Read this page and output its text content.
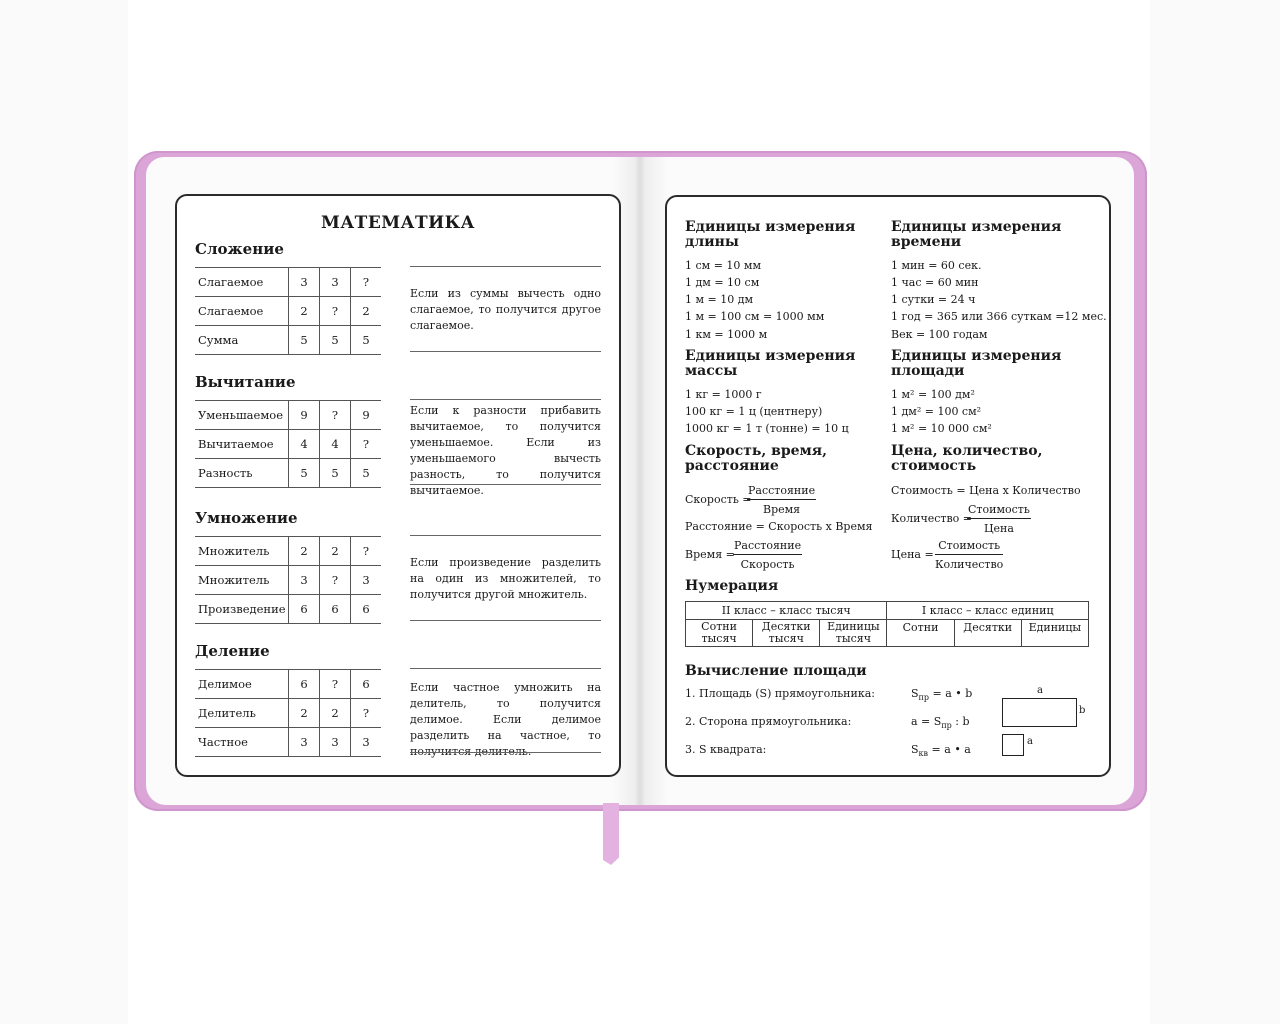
МАТЕМАТИКА
Сложение
Слагаемое	3	3	?
Слагаемое	2	?	2
Сумма	5	5	5
Если из суммы вычесть одно слагаемое, то получится другое слагаемое.
Вычитание
Уменьшаемое	9	?	9
Вычитаемое	4	4	?
Разность	5	5	5
Если к разности прибавить вычитаемое, то получится уменьшаемое. Если из уменьшаемого вычесть разность, то получится вычитаемое.
Умножение
Множитель	2	2	?
Множитель	3	?	3
Произведение	6	6	6
Если произведение разделить на один из множителей, то получится другой множитель.
Деление
Делимое	6	?	6
Делитель	2	2	?
Частное	3	3	3
Если частное умножить на делитель, то получится делимое. Если делимое разделить на частное, то получится делитель.
Единицы измерения длины
1 см = 10 мм
1 дм = 10 см
1 м = 10 дм
1 м = 100 см = 1000 мм
1 км = 1000 м
Единицы измерения времени
1 мин = 60 сек.
1 час = 60 мин
1 сутки = 24 ч
1 год = 365 или 366 суткам =12 мес.
Век = 100 годам
Единицы измерения массы
1 кг = 1000 г
100 кг = 1 ц (центнеру)
1000 кг = 1 т (тонне) = 10 ц
Единицы измерения площади
1 м² = 100 дм²
1 дм² = 100 см²
1 м² = 10 000 см²
Скорость, время, расстояние
Скорость =
Расстояние
Время
Расстояние = Скорость х Время
Время =
Расстояние
Скорость
Цена, количество, стоимость
Стоимость = Цена х Количество
Количество =
Стоимость
Цена
Цена =
Стоимость
Количество
Нумерация
II класс – класс тысяч			I класс – класс единиц		
Сотни тысяч	Десятки тысяч	Единицы тысяч	Сотни	Десятки	Единицы
Вычисление площади
1. Площадь (S) прямоугольника:	$S_{пр} = a$ • b
2. Сторона прямоугольника:	$a = S_{пр}$ : b
3. S квадрата:	$S_{кв} = a$ • a
a
b
a
